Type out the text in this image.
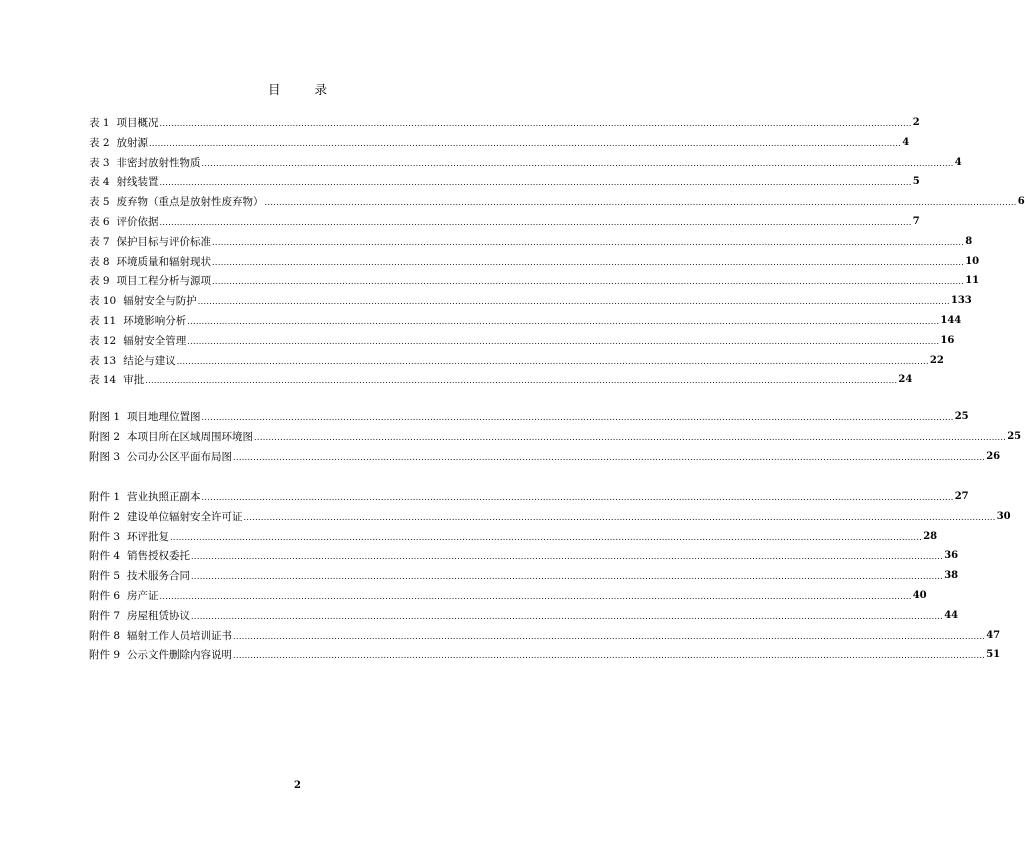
目	录
表 1 项目概况 .................................................................................................................................................................................................................................................................... 2
表 2 放射源 .................................................................................................................................................................................................................................................................... 4
表 3 非密封放射性物质 .................................................................................................................................................................................................................................................................... 4
表 4 射线装置 .................................................................................................................................................................................................................................................................... 5
表 5 废弃物（重点是放射性废弃物） .................................................................................................................................................................................................................................................................... 6
表 6 评价依据 .................................................................................................................................................................................................................................................................... 7
表 7 保护目标与评价标准 .................................................................................................................................................................................................................................................................... 8
表 8 环境质量和辐射现状 .................................................................................................................................................................................................................................................................... 10
表 9 项目工程分析与源项 .................................................................................................................................................................................................................................................................... 11
表 10 辐射安全与防护 .................................................................................................................................................................................................................................................................... 133
表 11 环境影响分析 .................................................................................................................................................................................................................................................................... 144
表 12 辐射安全管理 .................................................................................................................................................................................................................................................................... 16
表 13 结论与建议 .................................................................................................................................................................................................................................................................... 22
表 14 审批 .................................................................................................................................................................................................................................................................... 24
附图 1 项目地理位置图 .................................................................................................................................................................................................................................................................... 25
附图 2 本项目所在区域周围环境图 .................................................................................................................................................................................................................................................................... 25
附图 3 公司办公区平面布局图 .................................................................................................................................................................................................................................................................... 26
附件 1 营业执照正副本 .................................................................................................................................................................................................................................................................... 27
附件 2 建设单位辐射安全许可证 .................................................................................................................................................................................................................................................................... 30
附件 3 环评批复 .................................................................................................................................................................................................................................................................... 28
附件 4 销售授权委托 .................................................................................................................................................................................................................................................................... 36
附件 5 技术服务合同 .................................................................................................................................................................................................................................................................... 38
附件 6 房产证 .................................................................................................................................................................................................................................................................... 40
附件 7 房屋租赁协议 .................................................................................................................................................................................................................................................................... 44
附件 8 辐射工作人员培训证书 .................................................................................................................................................................................................................................................................... 47
附件 9 公示文件删除内容说明 .................................................................................................................................................................................................................................................................... 51
2
